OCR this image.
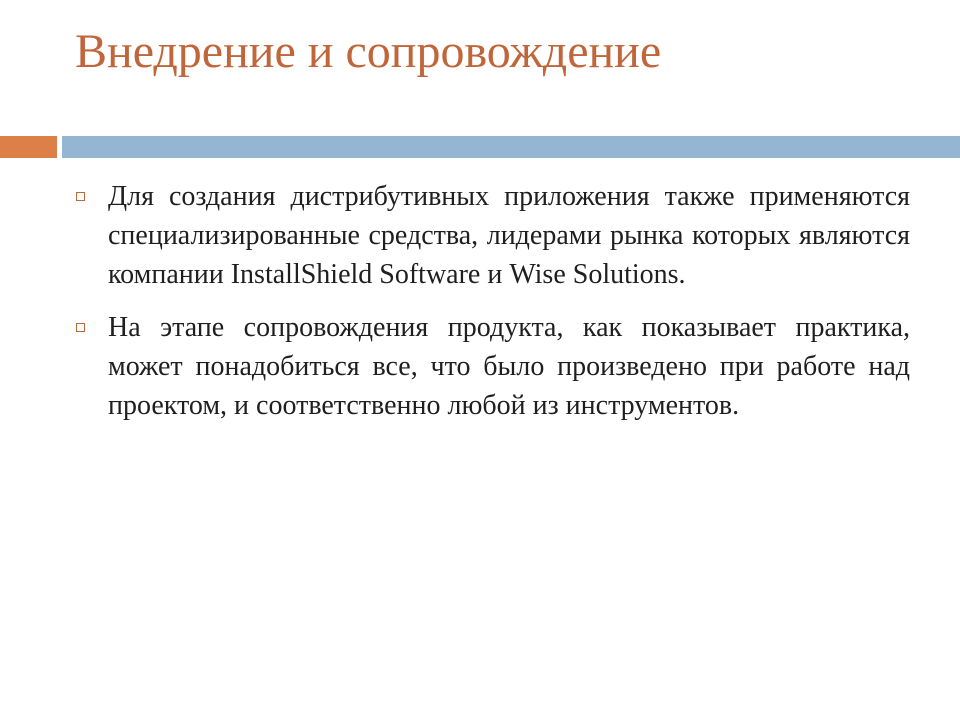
Внедрение и сопровождение
Для создания дистрибутивных приложения также применяются специализированные средства, лидерами рынка которых являются компании InstallShield Software и Wise Solutions.
На этапе сопровождения продукта, как показывает практика, может понадобиться все, что было произведено при работе над проектом, и соответственно любой из инструментов.
